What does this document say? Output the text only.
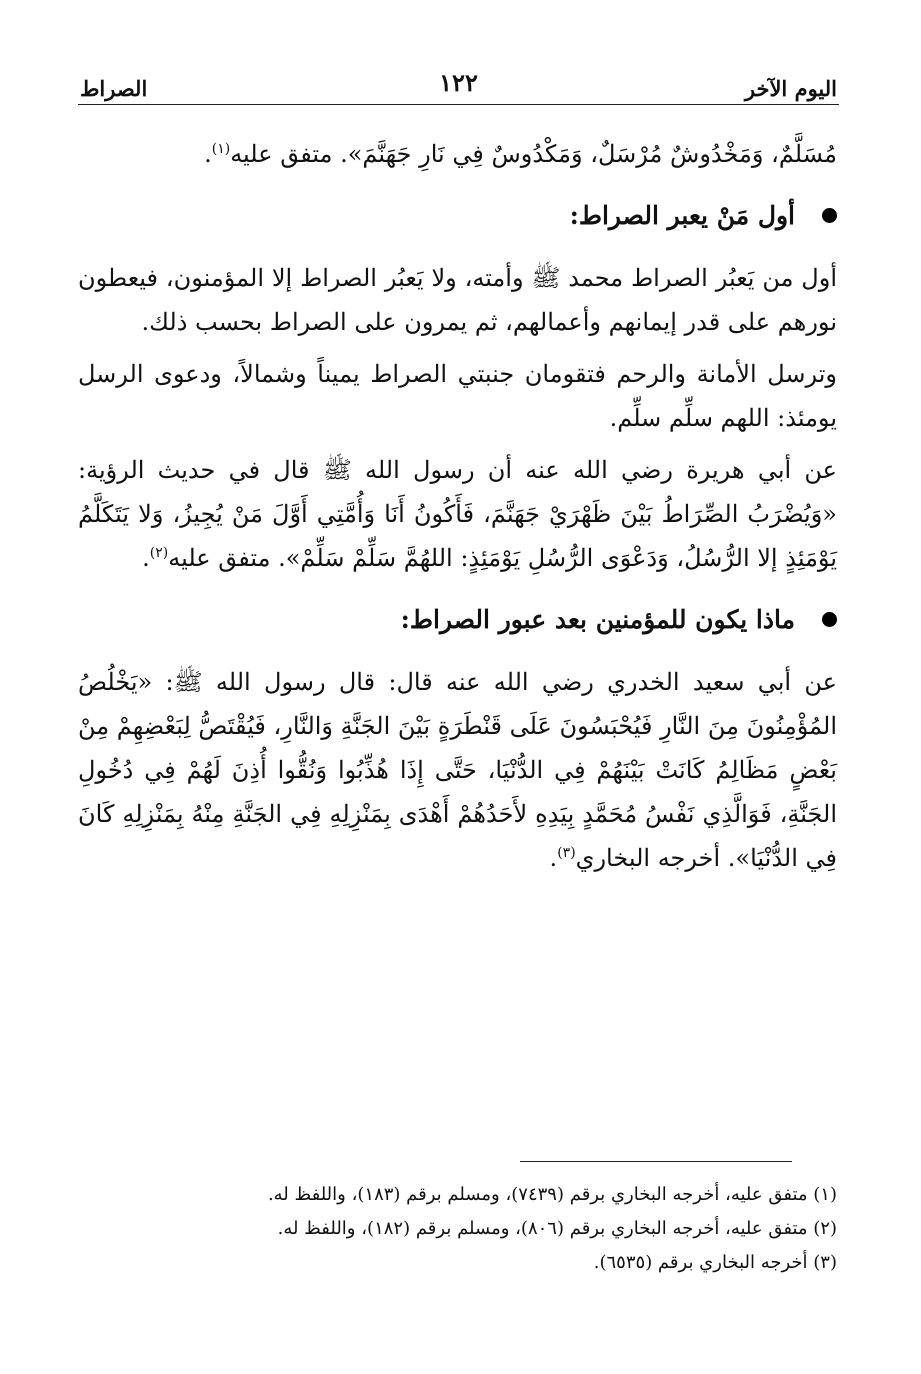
اليوم الآخر
١٢٢
الصراط

مُسَلَّمٌ، وَمَخْدُوشٌ مُرْسَلٌ، وَمَكْدُوسٌ فِي نَارِ جَهَنَّمَ». متفق عليه$^{(١)}$.

أول مَنْ يعبر الصراط:

أول من يَعبُر الصراط محمد ﷺ وأمته، ولا يَعبُر الصراط إلا المؤمنون، فيعطون نورهم على قدر إيمانهم وأعمالهم، ثم يمرون على الصراط بحسب ذلك.

وترسل الأمانة والرحم فتقومان جنبتي الصراط يميناً وشمالاً، ودعوى الرسل يومئذ: اللهم سلِّم سلِّم.

عن أبي هريرة رضي الله عنه أن رسول الله ﷺ قال في حديث الرؤية: «وَيُضْرَبُ الصِّرَاطُ بَيْنَ ظَهْرَيْ جَهَنَّمَ، فَأَكُونُ أَنَا وَأُمَّتِي أَوَّلَ مَنْ يُجِيزُ، وَلا يَتَكَلَّمُ يَوْمَئِذٍ إلا الرُّسُلُ، وَدَعْوَى الرُّسُلِ يَوْمَئِذٍ: اللهُمَّ سَلِّمْ سَلِّمْ». متفق عليه$^{(٢)}$.

ماذا يكون للمؤمنين بعد عبور الصراط:

عن أبي سعيد الخدري رضي الله عنه قال: قال رسول الله ﷺ: «يَخْلُصُ المُؤْمِنُونَ مِنَ النَّارِ فَيُحْبَسُونَ عَلَى قَنْطَرَةٍ بَيْنَ الجَنَّةِ وَالنَّارِ، فَيُقْتَصُّ لِبَعْضِهِمْ مِنْ بَعْضٍ مَظَالِمُ كَانَتْ بَيْنَهُمْ فِي الدُّنْيَا، حَتَّى إِذَا هُذِّبُوا وَنُقُّوا أُذِنَ لَهُمْ فِي دُخُولِ الجَنَّةِ، فَوَالَّذِي نَفْسُ مُحَمَّدٍ بِيَدِهِ لأَحَدُهُمْ أَهْدَى بِمَنْزِلِهِ فِي الجَنَّةِ مِنْهُ بِمَنْزِلِهِ كَانَ فِي الدُّنْيَا». أخرجه البخاري$^{(٣)}$.

(١) متفق عليه، أخرجه البخاري برقم (٧٤٣٩)، ومسلم برقم (١٨٣)، واللفظ له.

(٢) متفق عليه، أخرجه البخاري برقم (٨٠٦)، ومسلم برقم (١٨٢)، واللفظ له.

(٣) أخرجه البخاري برقم (٦٥٣٥).
